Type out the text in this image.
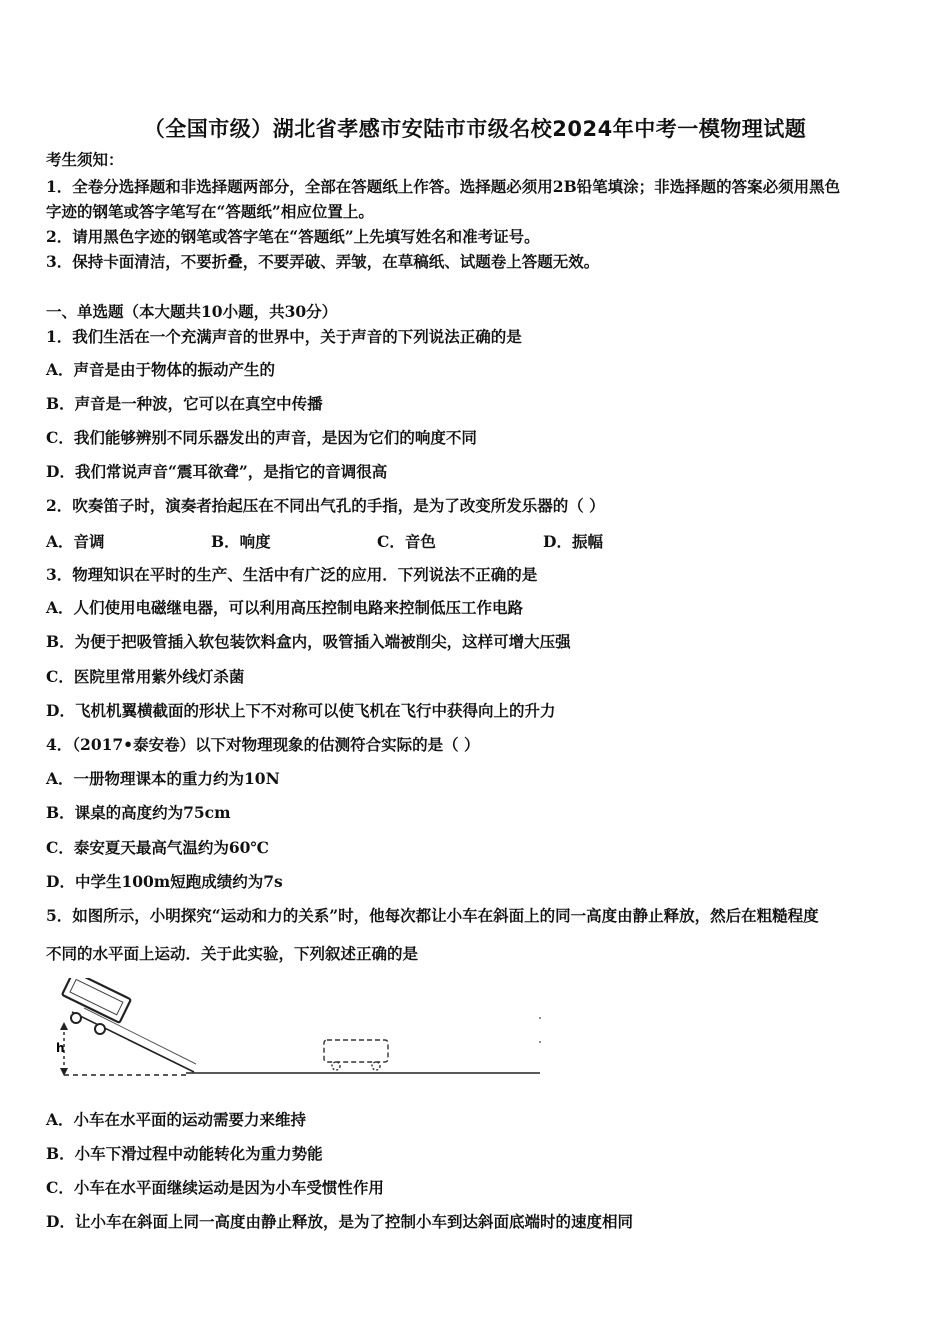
（全国市级）湖北省孝感市安陆市市级名校2024年中考一模物理试题
考生须知：
1．全卷分选择题和非选择题两部分，全部在答题纸上作答。选择题必须用2B铅笔填涂；非选择题的答案必须用黑色
字迹的钢笔或答字笔写在“答题纸”相应位置上。
2．请用黑色字迹的钢笔或答字笔在“答题纸”上先填写姓名和准考证号。
3．保持卡面清洁，不要折叠，不要弄破、弄皱，在草稿纸、试题卷上答题无效。
一、单选题（本大题共10小题，共30分）
1．我们生活在一个充满声音的世界中，关于声音的下列说法正确的是
A．声音是由于物体的振动产生的
B．声音是一种波，它可以在真空中传播
C．我们能够辨别不同乐器发出的声音，是因为它们的响度不同
D．我们常说声音“震耳欲聋”，是指它的音调很高
2．吹奏笛子时，演奏者抬起压在不同出气孔的手指，是为了改变所发乐器的（ ）
A．音调	B．响度	C．音色	D．振幅
3．物理知识在平时的生产、生活中有广泛的应用．下列说法不正确的是
A．人们使用电磁继电器，可以利用高压控制电路来控制低压工作电路
B．为便于把吸管插入软包装饮料盒内，吸管插入端被削尖，这样可增大压强
C．医院里常用紫外线灯杀菌
D．飞机机翼横截面的形状上下不对称可以使飞机在飞行中获得向上的升力
4．（2017•泰安卷）以下对物理现象的估测符合实际的是（ ）
A．一册物理课本的重力约为10N
B．课桌的高度约为75cm
C．泰安夏天最高气温约为60℃
D．中学生100m短跑成绩约为7s
5．如图所示，小明探究“运动和力的关系”时，他每次都让小车在斜面上的同一高度由静止释放，然后在粗糙程度
不同的水平面上运动．关于此实验，下列叙述正确的是
h
A．小车在水平面的运动需要力来维持
B．小车下滑过程中动能转化为重力势能
C．小车在水平面继续运动是因为小车受惯性作用
D．让小车在斜面上同一高度由静止释放，是为了控制小车到达斜面底端时的速度相同
